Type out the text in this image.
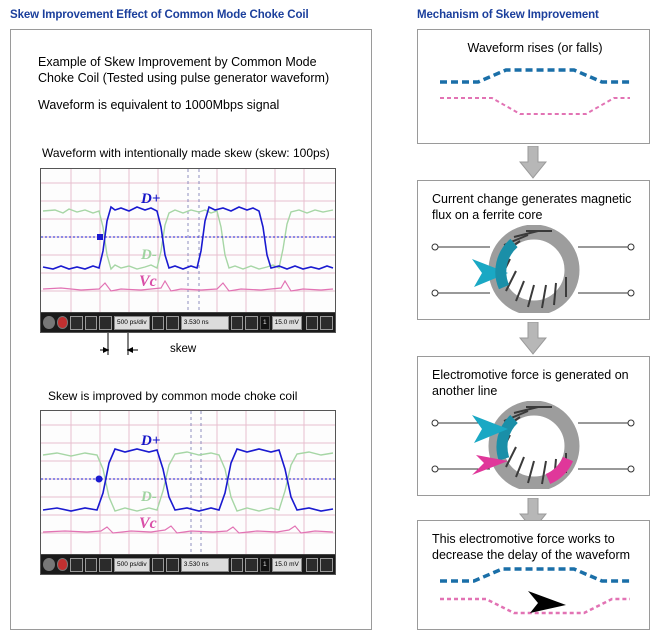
Skew Improvement Effect of Common Mode Choke Coil	Mechanism of Skew Improvement
Example of Skew Improvement by Common Mode Choke Coil (Tested using pulse generator waveform)
Waveform is equivalent to 1000Mbps signal
Waveform with intentionally made skew (skew: 100ps)
Skew is improved by common mode choke coil
D+
D-
Vc
500 ps/div	3.530 ns	1	15.0 mV
skew
D+
D-
Vc
500 ps/div	3.530 ns	1	15.0 mV
Waveform rises (or falls)
Current change generates magnetic flux on a ferrite core
Electromotive force is generated on another line
This electromotive force works to decrease the delay of the waveform
